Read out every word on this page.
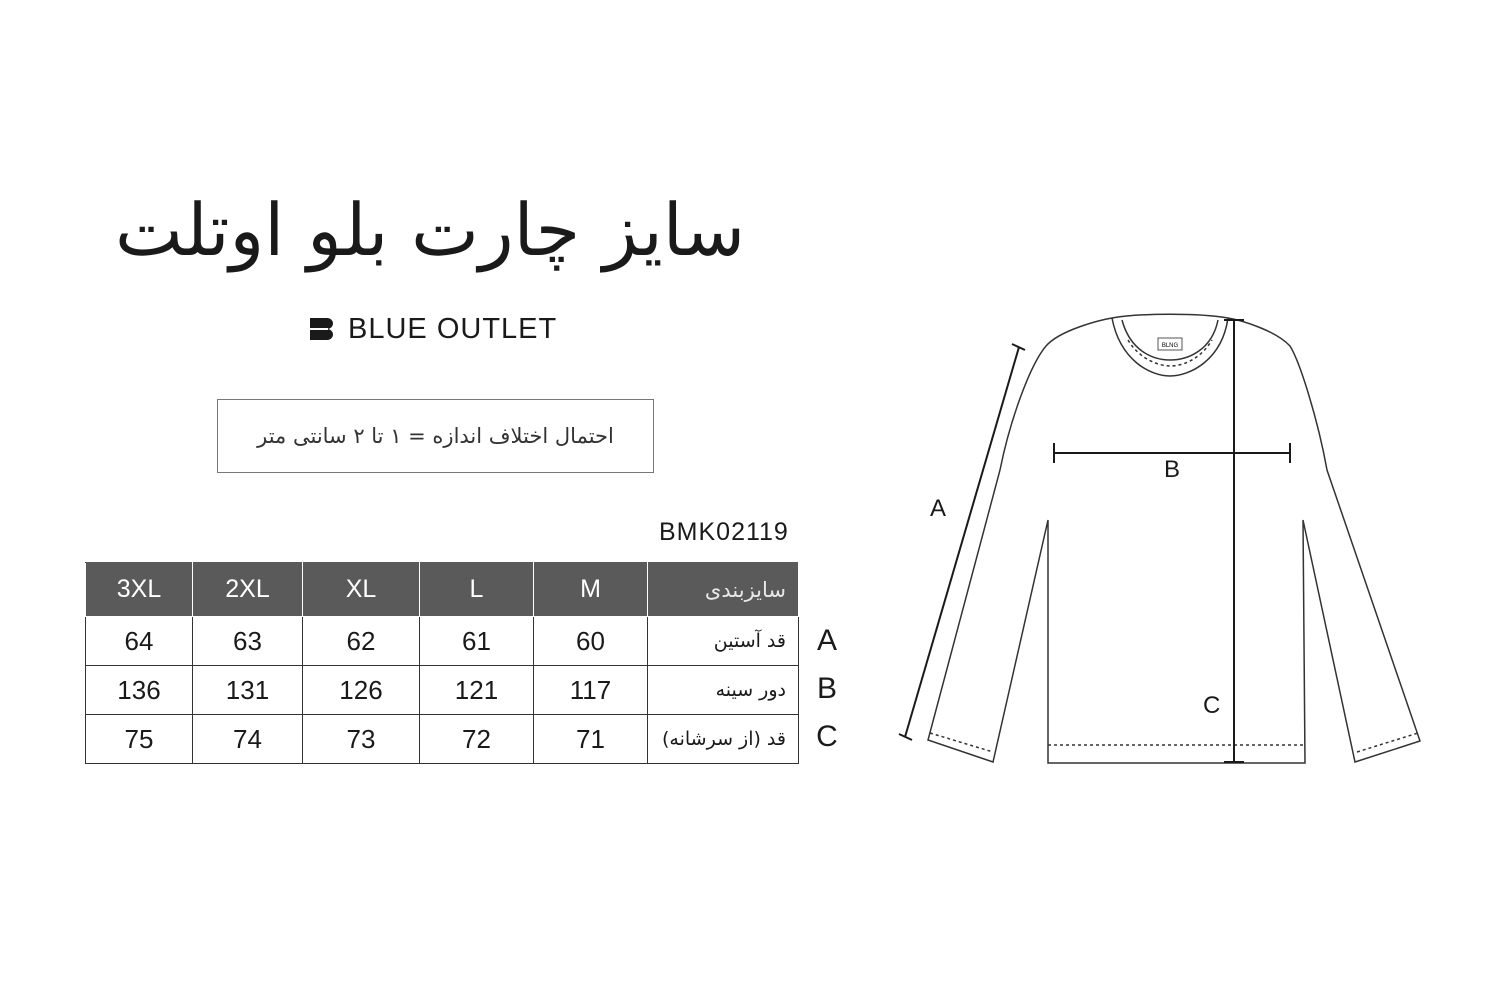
سایز چارت بلو اوتلت
BLUE OUTLET
احتمال اختلاف اندازه = ۱ تا ۲ سانتی متر
BMK02119
3XL	2XL	XL	L	M	سایزبندی
64	63	62	61	60	قد آستین
136	131	126	121	117	دور سینه
75	74	73	72	71	قد (از سرشانه)
A
B
C
BLNG
A
B
C
